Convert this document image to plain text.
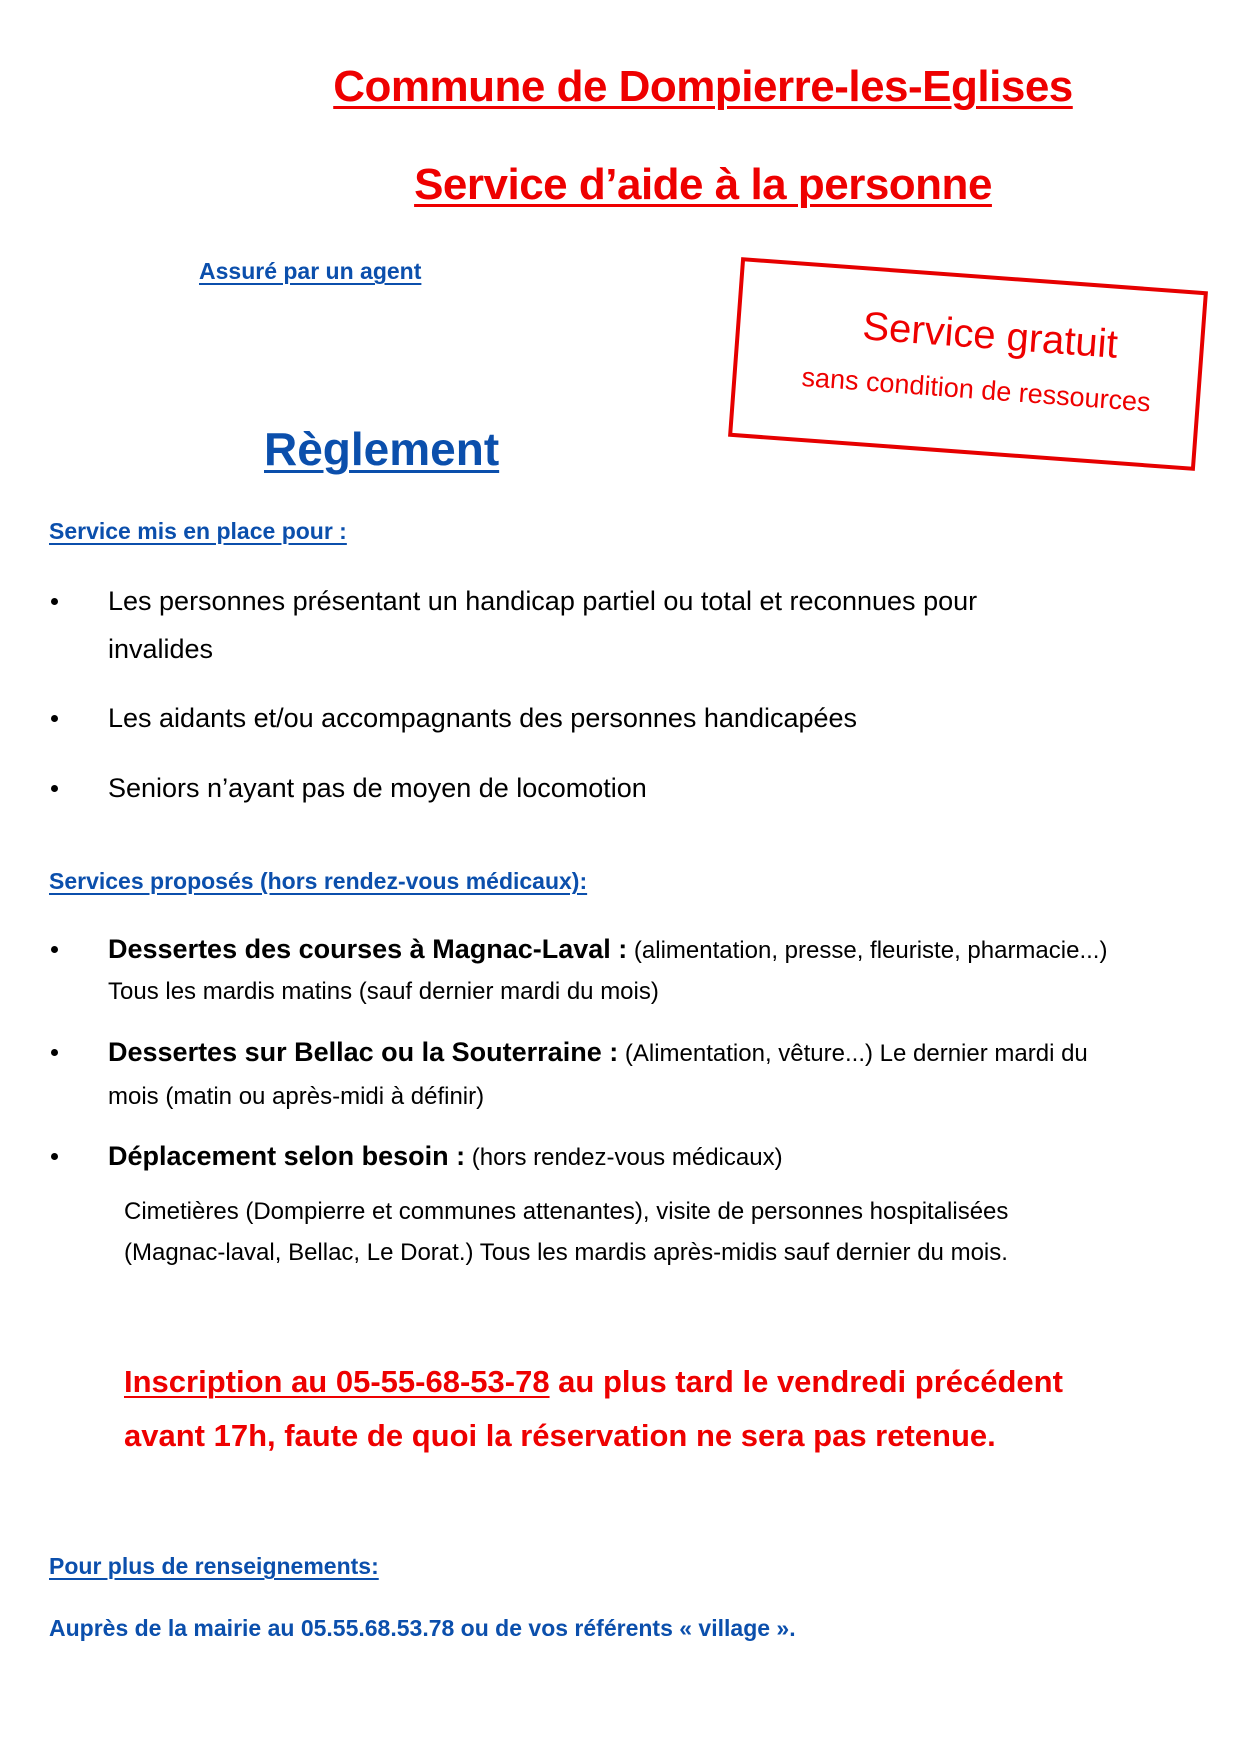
Commune de Dompierre-les-Eglises
Service d’aide à la personne
Assuré par un agent
Service gratuit
sans condition de ressources
Règlement
Service mis en place pour :
Les personnes présentant un handicap partiel ou total et reconnues pour
invalides
Les aidants et/ou accompagnants des personnes handicapées
Seniors n’ayant pas de moyen de locomotion
Services proposés (hors rendez-vous médicaux):
Dessertes des courses à Magnac-Laval : (alimentation, presse, fleuriste, pharmacie...)
Tous les mardis matins (sauf dernier mardi du mois)
Dessertes sur Bellac ou la Souterraine : (Alimentation, vêture...) Le dernier mardi du
mois (matin ou après-midi à définir)
Déplacement selon besoin : (hors rendez-vous médicaux)
Cimetières (Dompierre et communes attenantes), visite de personnes hospitalisées
(Magnac-laval, Bellac, Le Dorat.) Tous les mardis après-midis sauf dernier du mois.
Inscription au 05-55-68-53-78 au plus tard le vendredi précédent
avant 17h, faute de quoi la réservation ne sera pas retenue.
Pour plus de renseignements:
Auprès de la mairie au 05.55.68.53.78 ou de vos référents « village ».
